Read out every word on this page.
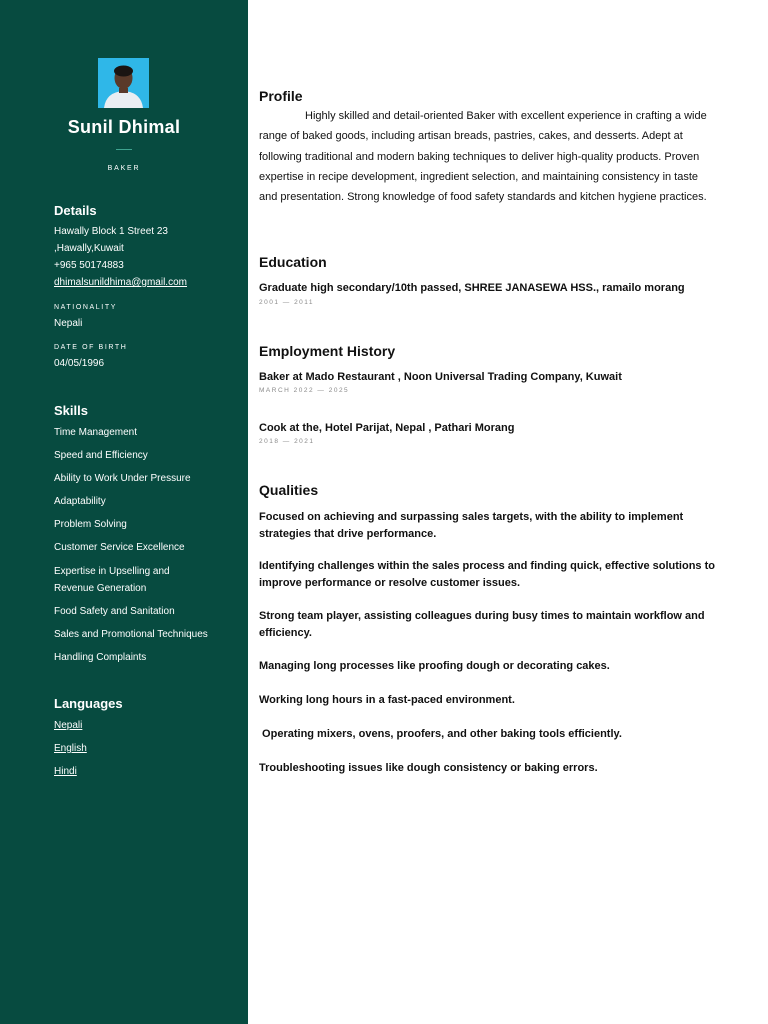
Sunil Dhimal
BAKER
Details
Hawally Block 1 Street 23
,Hawally,Kuwait
+965 50174883
dhimalsunildhima@gmail.com
NATIONALITY
Nepali
DATE OF BIRTH
04/05/1996
Skills
Time Management
Speed and Efficiency
Ability to Work Under Pressure
Adaptability
Problem Solving
Customer Service Excellence
Expertise in Upselling and
Revenue Generation
Food Safety and Sanitation
Sales and Promotional Techniques
Handling Complaints
Languages
Nepali
English
Hindi
Profile
Highly skilled and detail-oriented Baker with excellent experience in crafting a wide range of baked goods, including artisan breads, pastries, cakes, and desserts. Adept at following traditional and modern baking techniques to deliver high-quality products. Proven expertise in recipe development, ingredient selection, and maintaining consistency in taste and presentation. Strong knowledge of food safety standards and kitchen hygiene practices.
Education
Graduate high secondary/10th passed, SHREE JANASEWA HSS., ramailo morang
2001 — 2011
Employment History
Baker at Mado Restaurant , Noon Universal Trading Company, Kuwait
MARCH 2022 — 2025
Cook at the, Hotel Parijat, Nepal , Pathari Morang
2018 — 2021
Qualities
Focused on achieving and surpassing sales targets, with the ability to implement strategies that drive performance.
Identifying challenges within the sales process and finding quick, effective solutions to improve performance or resolve customer issues.
Strong team player, assisting colleagues during busy times to maintain workflow and efficiency.
Managing long processes like proofing dough or decorating cakes.
Working long hours in a fast-paced environment.
Operating mixers, ovens, proofers, and other baking tools efficiently.
Troubleshooting issues like dough consistency or baking errors.
